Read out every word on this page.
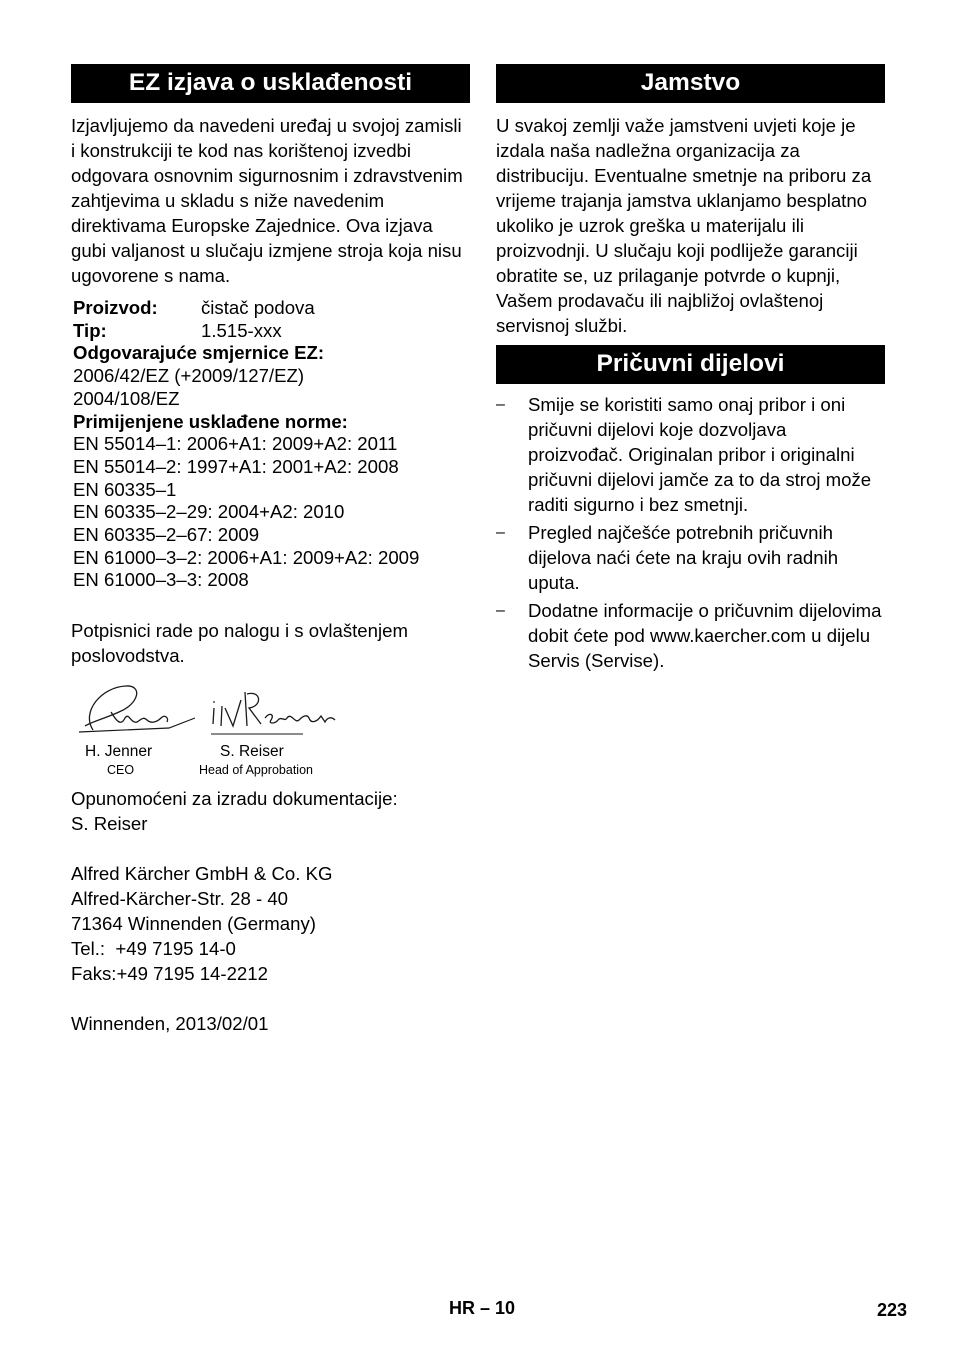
EZ izjava o usklađenosti

Izjavljujemo da navedeni uređaj u svojoj zamisli i konstrukciji te kod nas korištenoj izvedbi odgovara osnovnim sigurnosnim i zdravstvenim zahtjevima u skladu s niže navedenim direktivama Europske Zajednice. Ova izjava gubi valjanost u slučaju izmjene stroja koja nisu ugovorene s nama.

Proizvod:	čistač podova
Tip:	1.515-xxx
Odgovarajuće smjernice EZ:
2006/42/EZ (+2009/127/EZ)
2004/108/EZ
Primijenjene usklađene norme:
EN 55014–1: 2006+A1: 2009+A2: 2011
EN 55014–2: 1997+A1: 2001+A2: 2008
EN 60335–1
EN 60335–2–29: 2004+A2: 2010
EN 60335–2–67: 2009
EN 61000–3–2: 2006+A1: 2009+A2: 2009
EN 61000–3–3: 2008

Potpisnici rade po nalogu i s ovlaštenjem poslovodstva.

H. Jenner
CEO
S. Reiser
Head of Approbation

Opunomoćeni za izradu dokumentacije:

S. Reiser

Alfred Kärcher GmbH & Co. KG

Alfred-Kärcher-Str. 28 - 40

71364 Winnenden (Germany)

Tel.:  +49 7195 14-0

Faks:+49 7195 14-2212

Winnenden, 2013/02/01

Jamstvo

U svakoj zemlji važe jamstveni uvjeti koje je izdala naša nadležna organizacija za distribuciju. Eventualne smetnje na priboru za vrijeme trajanja jamstva uklanjamo besplatno ukoliko je uzrok greška u materijalu ili proizvodnji. U slučaju koji podliježe garanciji obratite se, uz prilaganje potvrde o kupnji, Vašem prodavaču ili najbližoj ovlaštenoj servisnoj službi.

Pričuvni dijelovi
–	Smije se koristiti samo onaj pribor i oni pričuvni dijelovi koje dozvoljava proizvođač. Originalan pribor i originalni pričuvni dijelovi jamče za to da stroj može raditi sigurno i bez smetnji.
–	Pregled najčešće potrebnih pričuvnih dijelova naći ćete na kraju ovih radnih uputa.
–	Dodatne informacije o pričuvnim dijelovima dobit ćete pod www.kaercher.com u dijelu Servis (Servise).
HR – 10	223
